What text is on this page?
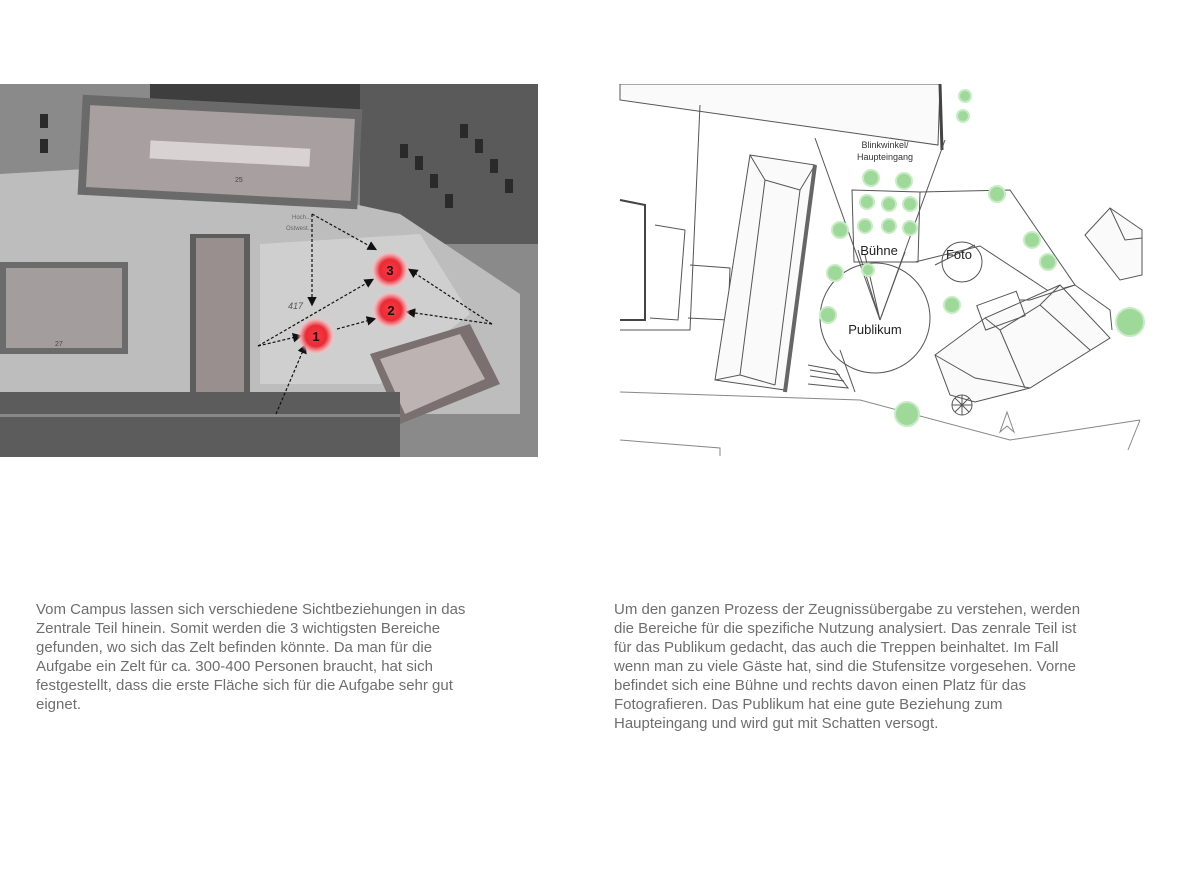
25
27
417
Hoch...
Ostwest...
1
2
3
Blinkwinkel/
Haupteingang
Bühne	Foto
Publikum
Vom Campus lassen sich verschiedene Sichtbeziehungen in das
Zentrale Teil hinein. Somit werden die 3 wichtigsten Bereiche
gefunden, wo sich das Zelt befinden könnte. Da man für die
Aufgabe ein Zelt für ca. 300-400 Personen braucht, hat sich
festgestellt, dass die erste Fläche sich für die Aufgabe sehr gut
eignet.
Um den ganzen Prozess der Zeugnissübergabe zu verstehen, werden
die Bereiche für die spezifiche Nutzung analysiert. Das zenrale Teil ist
für das Publikum gedacht, das auch die Treppen beinhaltet. Im Fall
wenn man zu viele Gäste hat, sind die Stufensitze vorgesehen. Vorne
befindet sich eine Bühne und rechts davon einen Platz für das
Fotografieren. Das Publikum hat eine gute Beziehung zum
Haupteingang und wird gut mit Schatten versogt.
